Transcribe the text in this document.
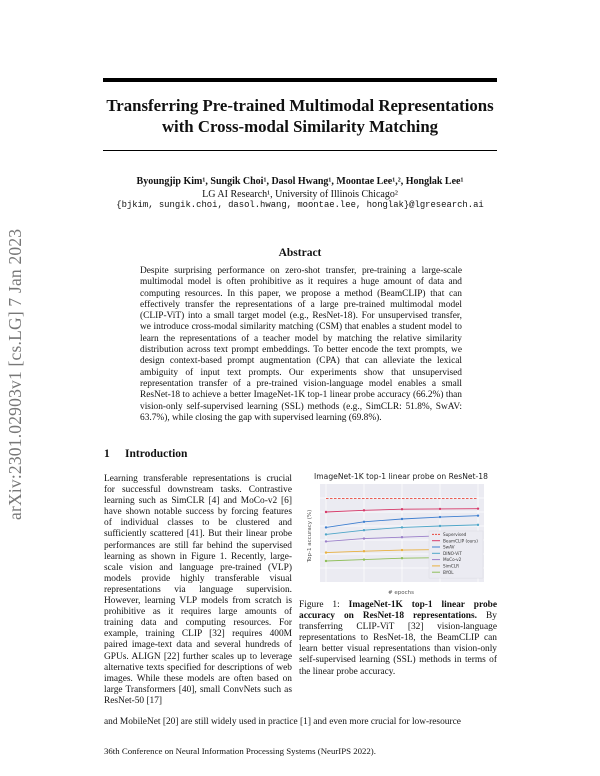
arXiv:2301.02903v1 [cs.LG] 7 Jan 2023
Transferring Pre-trained Multimodal Representations with Cross-modal Similarity Matching
Byoungjip Kim¹, Sungik Choi¹, Dasol Hwang¹, Moontae Lee¹,², Honglak Lee¹
LG AI Research¹, University of Illinois Chicago²
{bjkim, sungik.choi, dasol.hwang, moontae.lee, honglak}@lgresearch.ai
Abstract
Despite surprising performance on zero-shot transfer, pre-training a large-scale multimodal model is often prohibitive as it requires a huge amount of data and computing resources. In this paper, we propose a method (BeamCLIP) that can effectively transfer the representations of a large pre-trained multimodal model (CLIP-ViT) into a small target model (e.g., ResNet-18). For unsupervised transfer, we introduce cross-modal similarity matching (CSM) that enables a student model to learn the representations of a teacher model by matching the relative similarity distribution across text prompt embeddings. To better encode the text prompts, we design context-based prompt augmentation (CPA) that can alleviate the lexical ambiguity of input text prompts. Our experiments show that unsupervised representation transfer of a pre-trained vision-language model enables a small ResNet-18 to achieve a better ImageNet-1K top-1 linear probe accuracy (66.2%) than vision-only self-supervised learning (SSL) methods (e.g., SimCLR: 51.8%, SwAV: 63.7%), while closing the gap with supervised learning (69.8%).
1 Introduction
Learning transferable representations is crucial for successful downstream tasks. Contrastive learning such as SimCLR [4] and MoCo-v2 [6] have shown notable success by forcing features of individual classes to be clustered and sufficiently scattered [41]. But their linear probe performances are still far behind the supervised learning as shown in Figure 1. Recently, large-scale vision and language pre-trained (VLP) models provide highly transferable visual representations via language supervision. However, learning VLP models from scratch is prohibitive as it requires large amounts of training data and computing resources. For example, training CLIP [32] requires 400M paired image-text data and several hundreds of GPUs. ALIGN [22] further scales up to leverage alternative texts specified for descriptions of web images. While these models are often based on large Transformers [40], small ConvNets such as ResNet-50 [17]
and MobileNet [20] are still widely used in practice [1] and even more crucial for low-resource
ImageNet-1K top-1 linear probe on ResNet-18
Top-1 accuracy (%)
# epochs
Supervised
BeamCLIP (ours)
SwAV
DINO-ViT
MoCo-v2
SimCLR
BYOL
Figure 1: ImageNet-1K top-1 linear probe accuracy on ResNet-18 representations. By transferring CLIP-ViT [32] vision-language representations to ResNet-18, the BeamCLIP can learn better visual representations than vision-only self-supervised learning (SSL) methods in terms of the linear probe accuracy.
36th Conference on Neural Information Processing Systems (NeurIPS 2022).
